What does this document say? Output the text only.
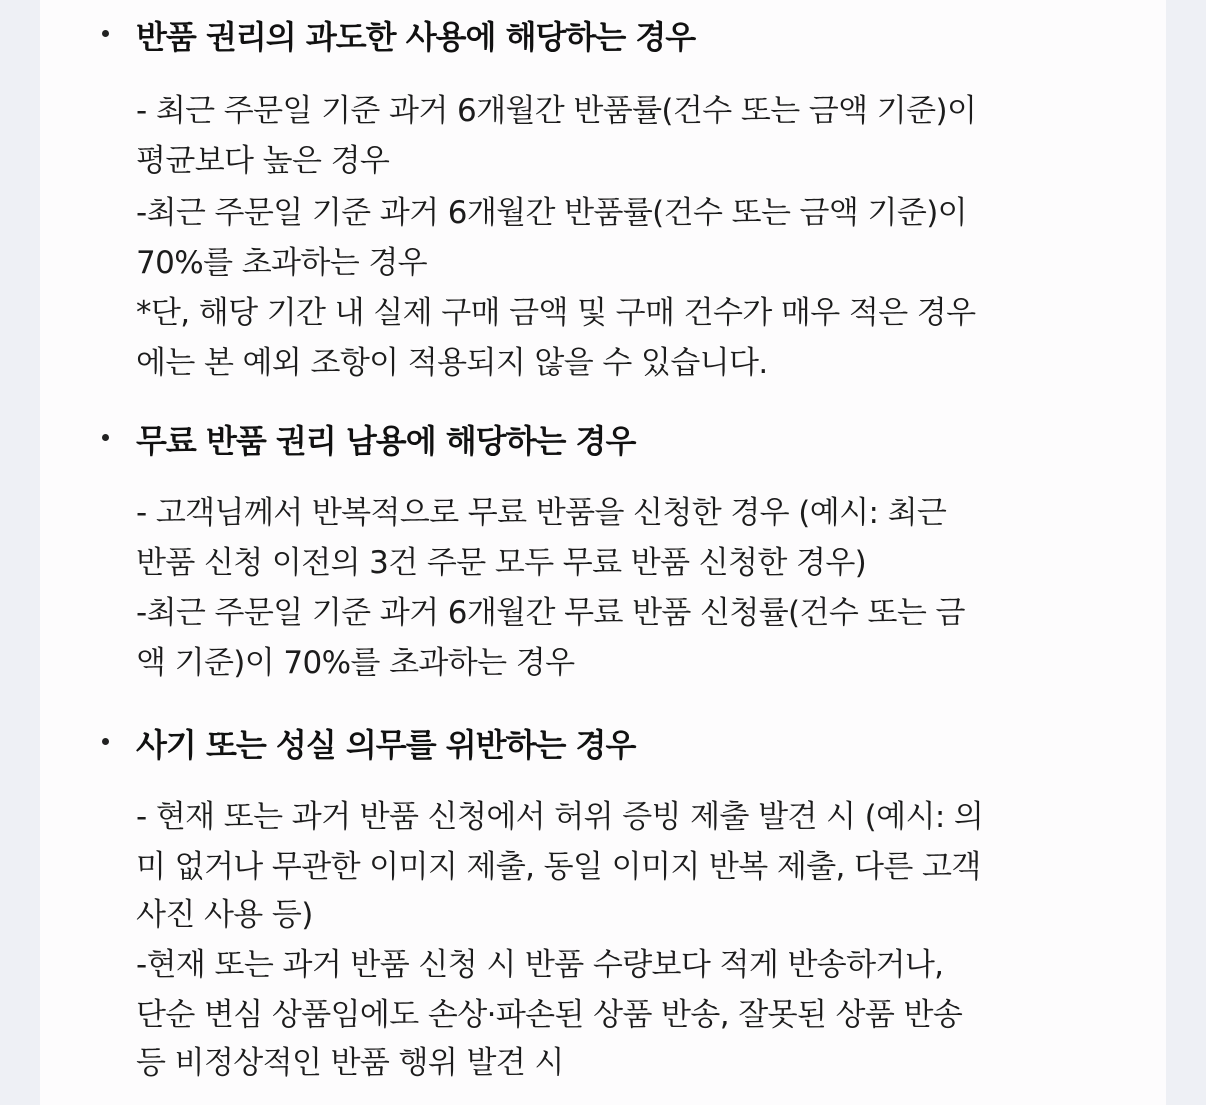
반품 권리의 과도한 사용에 해당하는 경우
- 최근 주문일 기준 과거 6개월간 반품률(건수 또는 금액 기준)이
평균보다 높은 경우
-최근 주문일 기준 과거 6개월간 반품률(건수 또는 금액 기준)이
70%를 초과하는 경우
*단, 해당 기간 내 실제 구매 금액 및 구매 건수가 매우 적은 경우
에는 본 예외 조항이 적용되지 않을 수 있습니다.
무료 반품 권리 남용에 해당하는 경우
- 고객님께서 반복적으로 무료 반품을 신청한 경우 (예시: 최근
반품 신청 이전의 3건 주문 모두 무료 반품 신청한 경우)
-최근 주문일 기준 과거 6개월간 무료 반품 신청률(건수 또는 금
액 기준)이 70%를 초과하는 경우
사기 또는 성실 의무를 위반하는 경우
- 현재 또는 과거 반품 신청에서 허위 증빙 제출 발견 시 (예시: 의
미 없거나 무관한 이미지 제출, 동일 이미지 반복 제출, 다른 고객
사진 사용 등)
-현재 또는 과거 반품 신청 시 반품 수량보다 적게 반송하거나,
단순 변심 상품임에도 손상·파손된 상품 반송, 잘못된 상품 반송
등 비정상적인 반품 행위 발견 시
